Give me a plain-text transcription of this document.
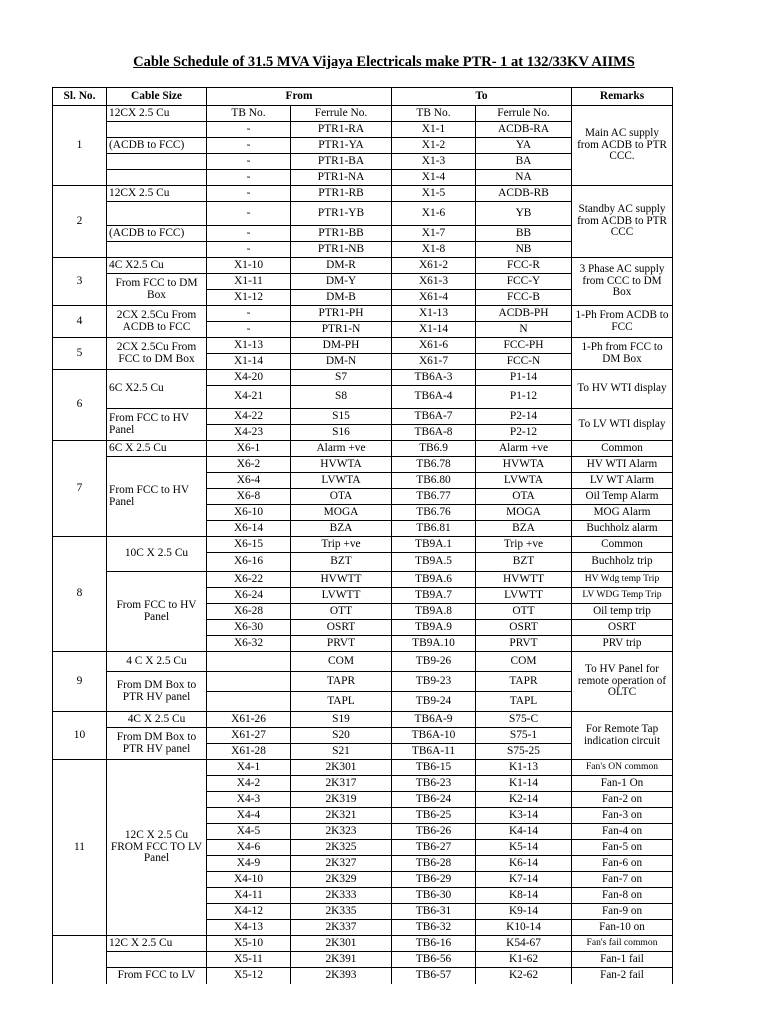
Cable Schedule of 31.5 MVA Vijaya Electricals make PTR- 1 at 132/33KV AIIMS
Sl. No.	Cable Size	From		To		Remarks
1	12CX 2.5 Cu	TB No.	Ferrule No.	TB No.	Ferrule No.	Main AC supply from ACDB to PTR CCC.
		-	PTR1-RA	X1-1	ACDB-RA	
	(ACDB to FCC)	-	PTR1-YA	X1-2	YA	
		-	PTR1-BA	X1-3	BA	
		-	PTR1-NA	X1-4	NA	
2	12CX 2.5 Cu	-	PTR1-RB	X1-5	ACDB-RB	Standby AC supply from ACDB to PTR CCC
		-	PTR1-YB	X1-6	YB	
	(ACDB to FCC)	-	PTR1-BB	X1-7	BB	
		-	PTR1-NB	X1-8	NB	
3	4C X2.5 Cu	X1-10	DM-R	X61-2	FCC-R	3 Phase AC supply from CCC to DM Box
	From FCC to DM Box	X1-11	DM-Y	X61-3	FCC-Y	
		X1-12	DM-B	X61-4	FCC-B	
4	2CX 2.5Cu From ACDB to FCC	-	PTR1-PH	X1-13	ACDB-PH	1-Ph From ACDB to FCC
		-	PTR1-N	X1-14	N	
5	2CX 2.5Cu From FCC to DM Box	X1-13	DM-PH	X61-6	FCC-PH	1-Ph from FCC to DM Box
		X1-14	DM-N	X61-7	FCC-N	
6	6C X2.5 Cu	X4-20	S7	TB6A-3	P1-14	To HV WTI display
		X4-21	S8	TB6A-4	P1-12	
	From FCC to HV Panel	X4-22	S15	TB6A-7	P2-14	To LV WTI display
		X4-23	S16	TB6A-8	P2-12	
7	6C X 2.5 Cu	X6-1	Alarm +ve	TB6.9	Alarm +ve	Common
	From FCC to HV Panel	X6-2	HVWTA	TB6.78	HVWTA	HV WTI Alarm
		X6-4	LVWTA	TB6.80	LVWTA	LV WT Alarm
		X6-8	OTA	TB6.77	OTA	Oil Temp Alarm
		X6-10	MOGA	TB6.76	MOGA	MOG Alarm
		X6-14	BZA	TB6.81	BZA	Buchholz alarm
8	10C X 2.5 Cu	X6-15	Trip +ve	TB9A.1	Trip +ve	Common
		X6-16	BZT	TB9A.5	BZT	Buchholz trip
	From FCC to HV Panel	X6-22	HVWTT	TB9A.6	HVWTT	HV Wdg temp Trip
		X6-24	LVWTT	TB9A.7	LVWTT	LV WDG Temp Trip
		X6-28	OTT	TB9A.8	OTT	Oil temp trip
		X6-30	OSRT	TB9A.9	OSRT	OSRT
		X6-32	PRVT	TB9A.10	PRVT	PRV trip
9	4 C X 2.5 Cu		COM	TB9-26	COM	To HV Panel for remote operation of OLTC
	From DM Box to PTR HV panel		TAPR	TB9-23	TAPR	
			TAPL	TB9-24	TAPL	
10	4C X 2.5 Cu	X61-26	S19	TB6A-9	S75-C	For Remote Tap indication circuit
	From DM Box to PTR HV panel	X61-27	S20	TB6A-10	S75-1	
		X61-28	S21	TB6A-11	S75-25	
11	12C X 2.5 Cu FROM FCC TO LV Panel	X4-1	2K301	TB6-15	K1-13	Fan's ON common
		X4-2	2K317	TB6-23	K1-14	Fan-1 On
		X4-3	2K319	TB6-24	K2-14	Fan-2 on
		X4-4	2K321	TB6-25	K3-14	Fan-3 on
		X4-5	2K323	TB6-26	K4-14	Fan-4 on
		X4-6	2K325	TB6-27	K5-14	Fan-5 on
		X4-9	2K327	TB6-28	K6-14	Fan-6 on
		X4-10	2K329	TB6-29	K7-14	Fan-7 on
		X4-11	2K333	TB6-30	K8-14	Fan-8 on
		X4-12	2K335	TB6-31	K9-14	Fan-9 on
		X4-13	2K337	TB6-32	K10-14	Fan-10 on
	12C X 2.5 Cu	X5-10	2K301	TB6-16	K54-67	Fan's fail common
		X5-11	2K391	TB6-56	K1-62	Fan-1 fail
	From FCC to LV	X5-12	2K393	TB6-57	K2-62	Fan-2 fail
